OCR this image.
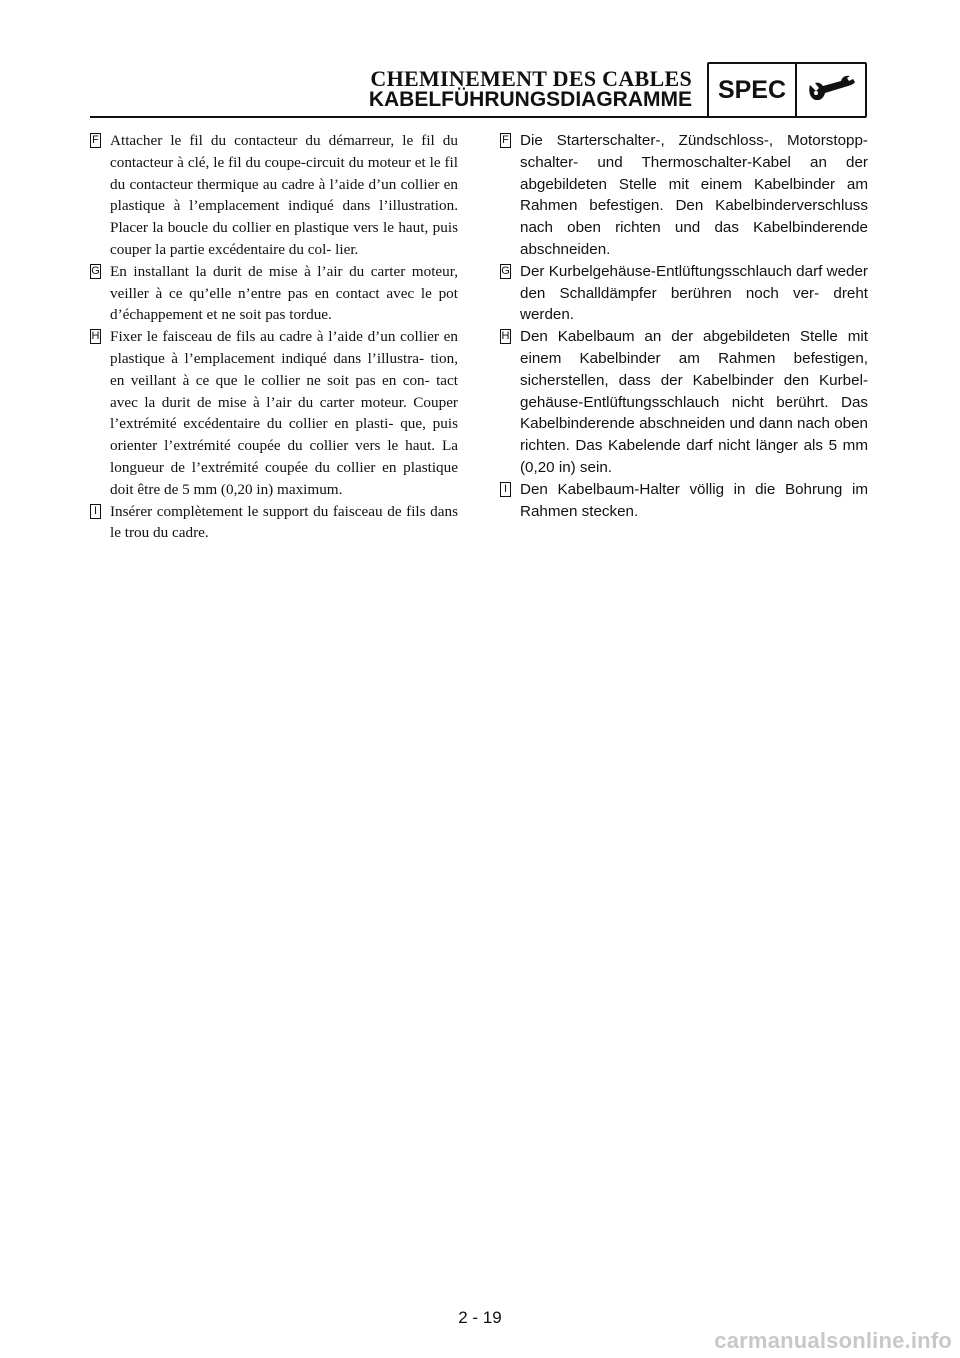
CHEMINEMENT DES CABLES
KABELFÜHRUNGSDIAGRAMME	SPEC
F Attacher le fil du contacteur du démarreur, le fil du contacteur à clé, le fil du coupe-circuit du moteur et le fil du contacteur thermique au cadre à l’aide d’un collier en plastique à l’emplacement indiqué dans l’illustration. Placer la boucle du collier en plastique vers le haut, puis couper la partie excédentaire du col- lier.

G En installant la durit de mise à l’air du carter moteur, veiller à ce qu’elle n’entre pas en contact avec le pot d’échappement et ne soit pas tordue.

H Fixer le faisceau de fils au cadre à l’aide d’un collier en plastique à l’emplacement indiqué dans l’illustra- tion, en veillant à ce que le collier ne soit pas en con- tact avec la durit de mise à l’air du carter moteur. Couper l’extrémité excédentaire du collier en plasti- que, puis orienter l’extrémité coupée du collier vers le haut. La longueur de l’extrémité coupée du collier en plastique doit être de 5 mm (0,20 in) maximum.

I Insérer complètement le support du faisceau de fils dans le trou du cadre.

F Die Starterschalter-, Zündschloss-, Motorstopp- schalter- und Thermoschalter-Kabel an der abgebildeten Stelle mit einem Kabelbinder am Rahmen befestigen. Den Kabelbinderverschluss nach oben richten und das Kabelbinderende abschneiden.

G Der Kurbelgehäuse-Entlüftungsschlauch darf weder den Schalldämpfer berühren noch ver- dreht werden.

H Den Kabelbaum an der abgebildeten Stelle mit einem Kabelbinder am Rahmen befestigen, sicherstellen, dass der Kabelbinder den Kurbel- gehäuse-Entlüftungsschlauch nicht berührt. Das Kabelbinderende abschneiden und dann nach oben richten. Das Kabelende darf nicht länger als 5 mm (0,20 in) sein.

I Den Kabelbaum-Halter völlig in die Bohrung im Rahmen stecken.

2 - 19
carmanualsonline.info
